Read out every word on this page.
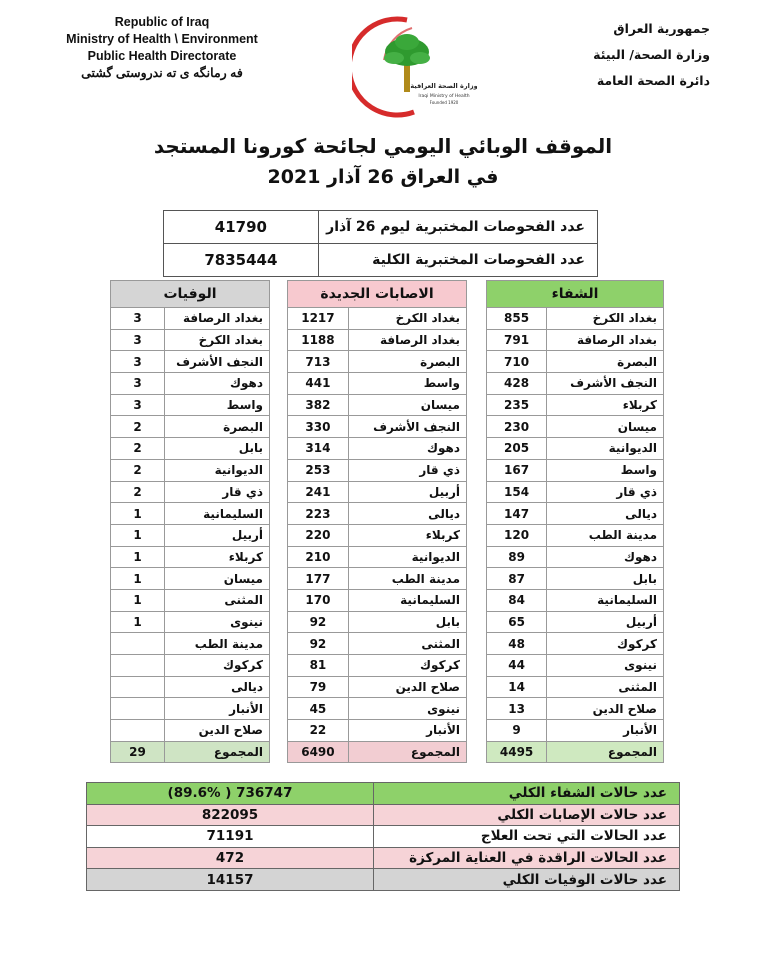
Republic of Iraq
Ministry of Health \ Environment
Public Health Directorate
فه رمانگه ى ته ندروستى گشتى
جمهورية العراق
وزارة الصحة/ البيئة
دائرة الصحة العامة
وزارة الصحة العراقية
Iraqi Ministry of Health
Founded 1920
الموقف الوبائي اليومي لجائحة كورونا المستجد
في العراق 26 آذار 2021
41790	عدد الفحوصات المختبرية ليوم 26 آذار
7835444	عدد الفحوصات المختبرية الكلية
الشفاء	
855	بغداد الكرخ
791	بغداد الرصافة
710	البصرة
428	النجف الأشرف
235	كربلاء
230	ميسان
205	الديوانية
167	واسط
154	ذي قار
147	ديالى
120	مدينة الطب
89	دهوك
87	بابل
84	السليمانية
65	أربيل
48	كركوك
44	نينوى
14	المثنى
13	صلاح الدين
9	الأنبار
4495	المجموع
الاصابات الجديدة	
1217	بغداد الكرخ
1188	بغداد الرصافة
713	البصرة
441	واسط
382	ميسان
330	النجف الأشرف
314	دهوك
253	ذي قار
241	أربيل
223	ديالى
220	كربلاء
210	الديوانية
177	مدينة الطب
170	السليمانية
92	بابل
92	المثنى
81	كركوك
79	صلاح الدين
45	نينوى
22	الأنبار
6490	المجموع
الوفيات	
3	بغداد الرصافة
3	بغداد الكرخ
3	النجف الأشرف
3	دهوك
3	واسط
2	البصرة
2	بابل
2	الديوانية
2	ذي قار
1	السليمانية
1	أربيل
1	كربلاء
1	ميسان
1	المثنى
1	نينوى
	مدينة الطب
	كركوك
	ديالى
	الأنبار
	صلاح الدين
29	المجموع
(89.6% ) 736747	عدد حالات الشفاء الكلي
822095	عدد حالات الإصابات الكلي
71191	عدد الحالات التي تحت العلاج
472	عدد الحالات الراقدة في العناية المركزة
14157	عدد حالات الوفيات الكلي
